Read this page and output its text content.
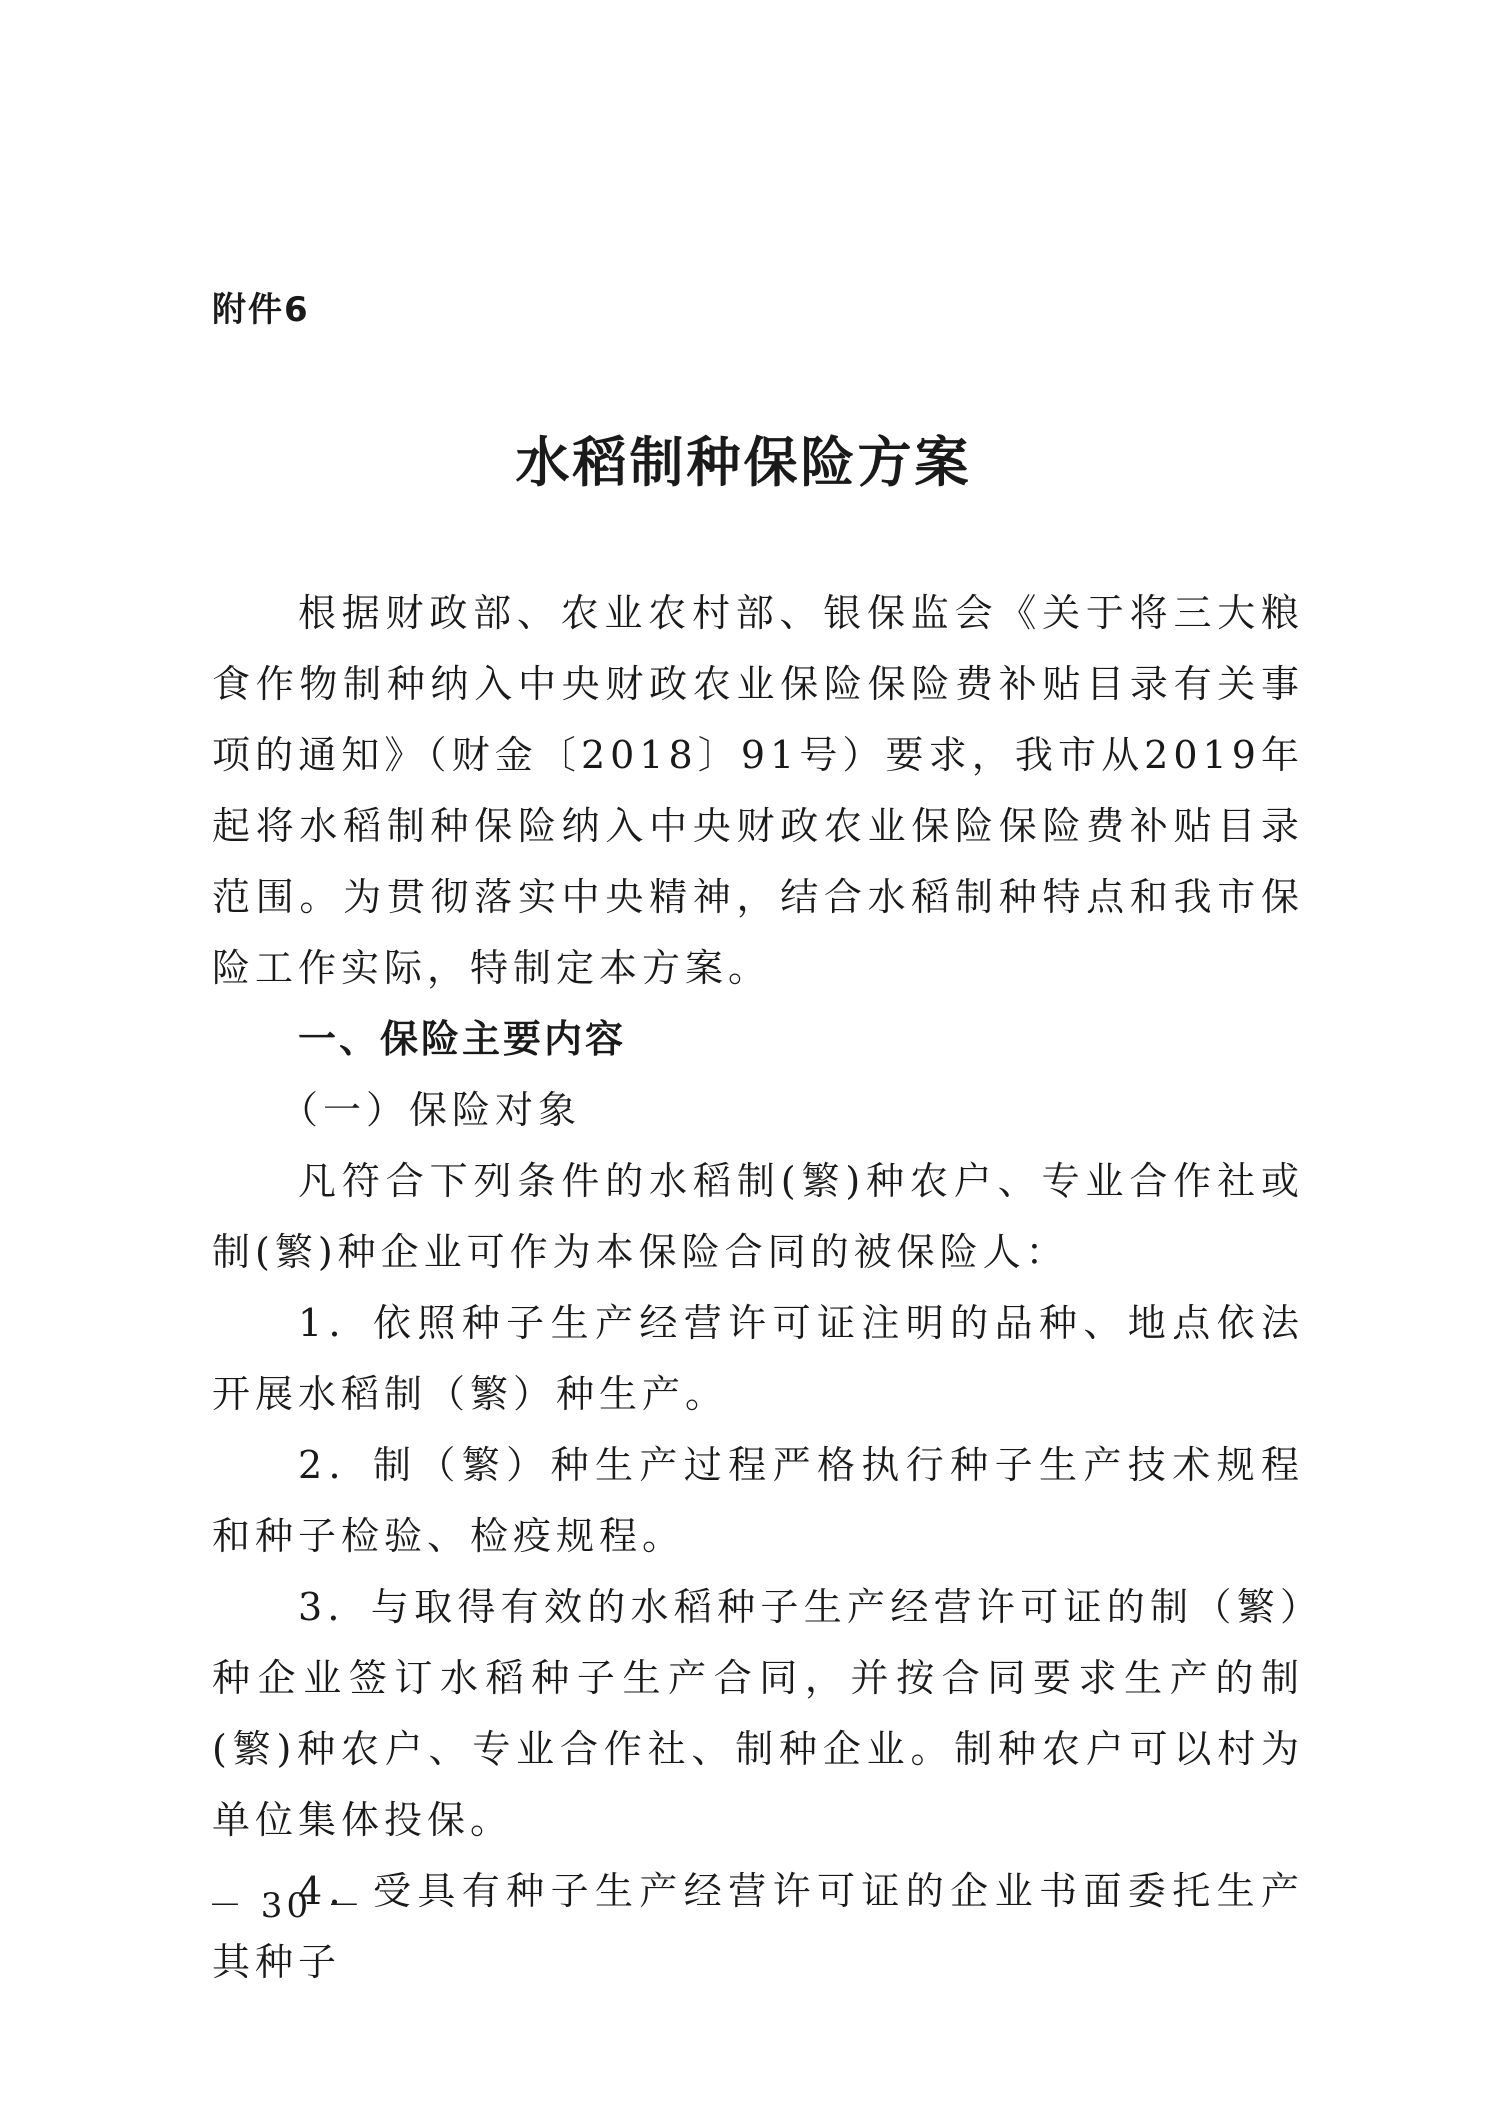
附件6
水稻制种保险方案

根据财政部、农业农村部、银保监会《关于将三大粮食作物制种纳入中央财政农业保险保险费补贴目录有关事项的通知》（财金〔2018〕91号）要求，我市从2019年起将水稻制种保险纳入中央财政农业保险保险费补贴目录范围。为贯彻落实中央精神，结合水稻制种特点和我市保险工作实际，特制定本方案。

一、保险主要内容

（一）保险对象

凡符合下列条件的水稻制(繁)种农户、专业合作社或制(繁)种企业可作为本保险合同的被保险人：

1．依照种子生产经营许可证注明的品种、地点依法开展水稻制（繁）种生产。

2．制（繁）种生产过程严格执行种子生产技术规程和种子检验、检疫规程。

3．与取得有效的水稻种子生产经营许可证的制（繁）种企业签订水稻种子生产合同，并按合同要求生产的制(繁)种农户、专业合作社、制种企业。制种农户可以村为单位集体投保。

4．受具有种子生产经营许可证的企业书面委托生产其种子

－ 30 －
